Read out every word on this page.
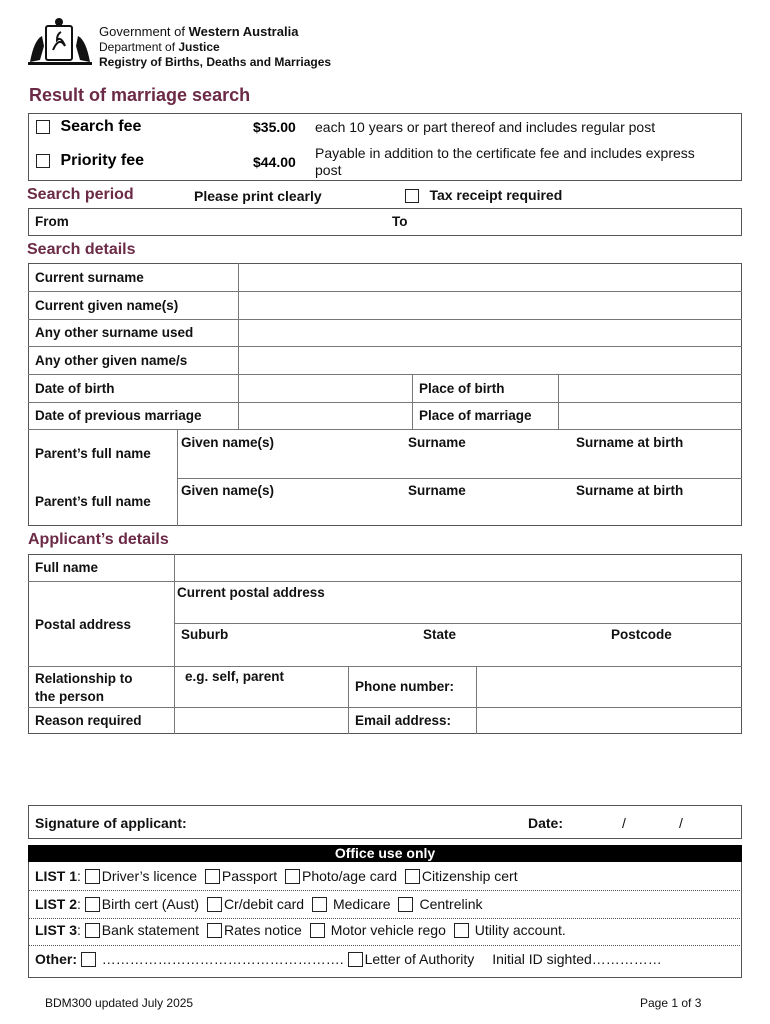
Government of Western Australia
Department of Justice
Registry of Births, Deaths and Marriages
Result of marriage search
Search fee	$35.00 each 10 years or part thereof and includes regular post
Priority fee	$44.00
Payable in addition to the certificate fee and includes express
post
Search period	Please print clearly	Tax receipt required
From	To
Search details
Current surname
Current given name(s)
Any other surname used
Any other given name/s
Date of birth	Place of birth
Date of previous marriage	Place of marriage
Parent’s full name
Given name(s)	Surname	Surname at birth
Parent’s full name
Given name(s)	Surname	Surname at birth
Applicant’s details
Full name
Postal address
Current postal address
Suburb	State	Postcode
Relationship to
the person
e.g. self, parent
Phone number:
Reason required	Email address:
Signature of applicant:	Date:	/	/
Office use only
LIST 1: Driver’s licence Passport Photo/age card Citizenship cert
LIST 2: Birth cert (Aust) Cr/debit card Medicare Centrelink
LIST 3: Bank statement Rates notice Motor vehicle rego Utility account.
Other: ……………………………………………. Letter of Authority Initial ID sighted……………
BDM300 updated July 2025	Page 1 of 3
